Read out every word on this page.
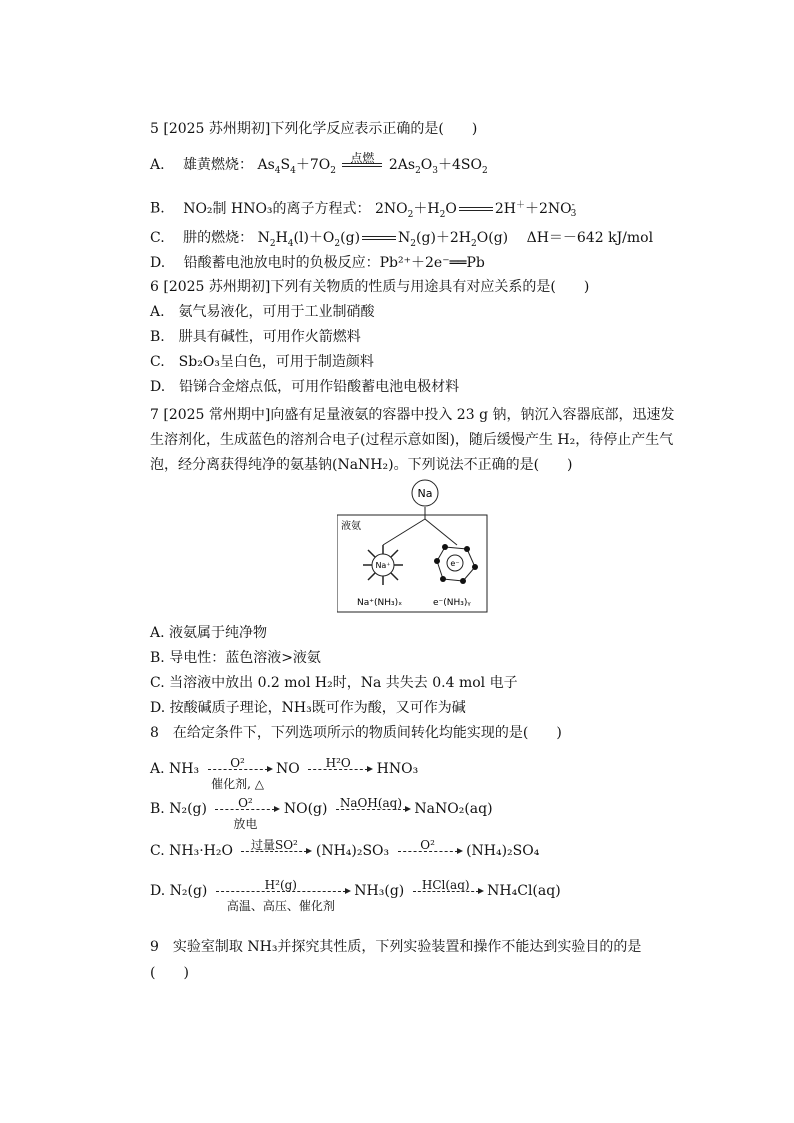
5 [2025 苏州期初]下列化学反应表示正确的是(　　)
A. 雄黄燃烧： $As_4S_4+7O_2$
点燃	$2As_2O_3+4SO_2$
B. NO₂制 HNO₃的离子方程式： $2NO_2+H_2O$	$2H^++2NO^-_3$
C. 肼的燃烧： $N_2H_4(l)+O_2(g)$	$N_2(g)+2H_2O(g)$ ΔH＝－642 kJ/mol
D. 铅酸蓄电池放电时的负极反应：Pb²⁺＋2e⁻══Pb
6 [2025 苏州期初]下列有关物质的性质与用途具有对应关系的是(　　)
A.　氨气易液化，可用于工业制硝酸
B.　肼具有碱性，可用作火箭燃料
C.　Sb₂O₃呈白色，可用于制造颜料
D.　铅锑合金熔点低，可用作铅酸蓄电池电极材料
7 [2025 常州期中]向盛有足量液氨的容器中投入 23 g 钠，钠沉入容器底部，迅速发生溶剂化，生成蓝色的溶剂合电子(过程示意如图)，随后缓慢产生 H₂，待停止产生气泡，经分离获得纯净的氨基钠(NaNH₂)。下列说法不正确的是(　　)
Na
液氨
Na⁺	e⁻
Na⁺(NH₃)ₓ	e⁻(NH₃)ᵧ
A. 液氨属于纯净物
B. 导电性：蓝色溶液>液氨
C. 当溶液中放出 0.2 mol H₂时，Na 共失去 0.4 mol 电子
D. 按酸碱质子理论，NH₃既可作为酸，又可作为碱
8　在给定条件下，下列选项所示的物质间转化均能实现的是(　　)
A. NH₃	O²
催化剂, △
NO	H²O	HNO₃
B. N₂(g)	O²
放电
NO(g)	NaOH(aq) NaNO₂(aq)
C. NH₃·H₂O	过量SO²	(NH₄)₂SO₃	O²	(NH₄)₂SO₄
D. N₂(g)	H²(g)
高温、高压、催化剂
NH₃(g)	HCl(aq)	NH₄Cl(aq)
9　实验室制取 NH₃并探究其性质，下列实验装置和操作不能达到实验目的的是 (　　)
